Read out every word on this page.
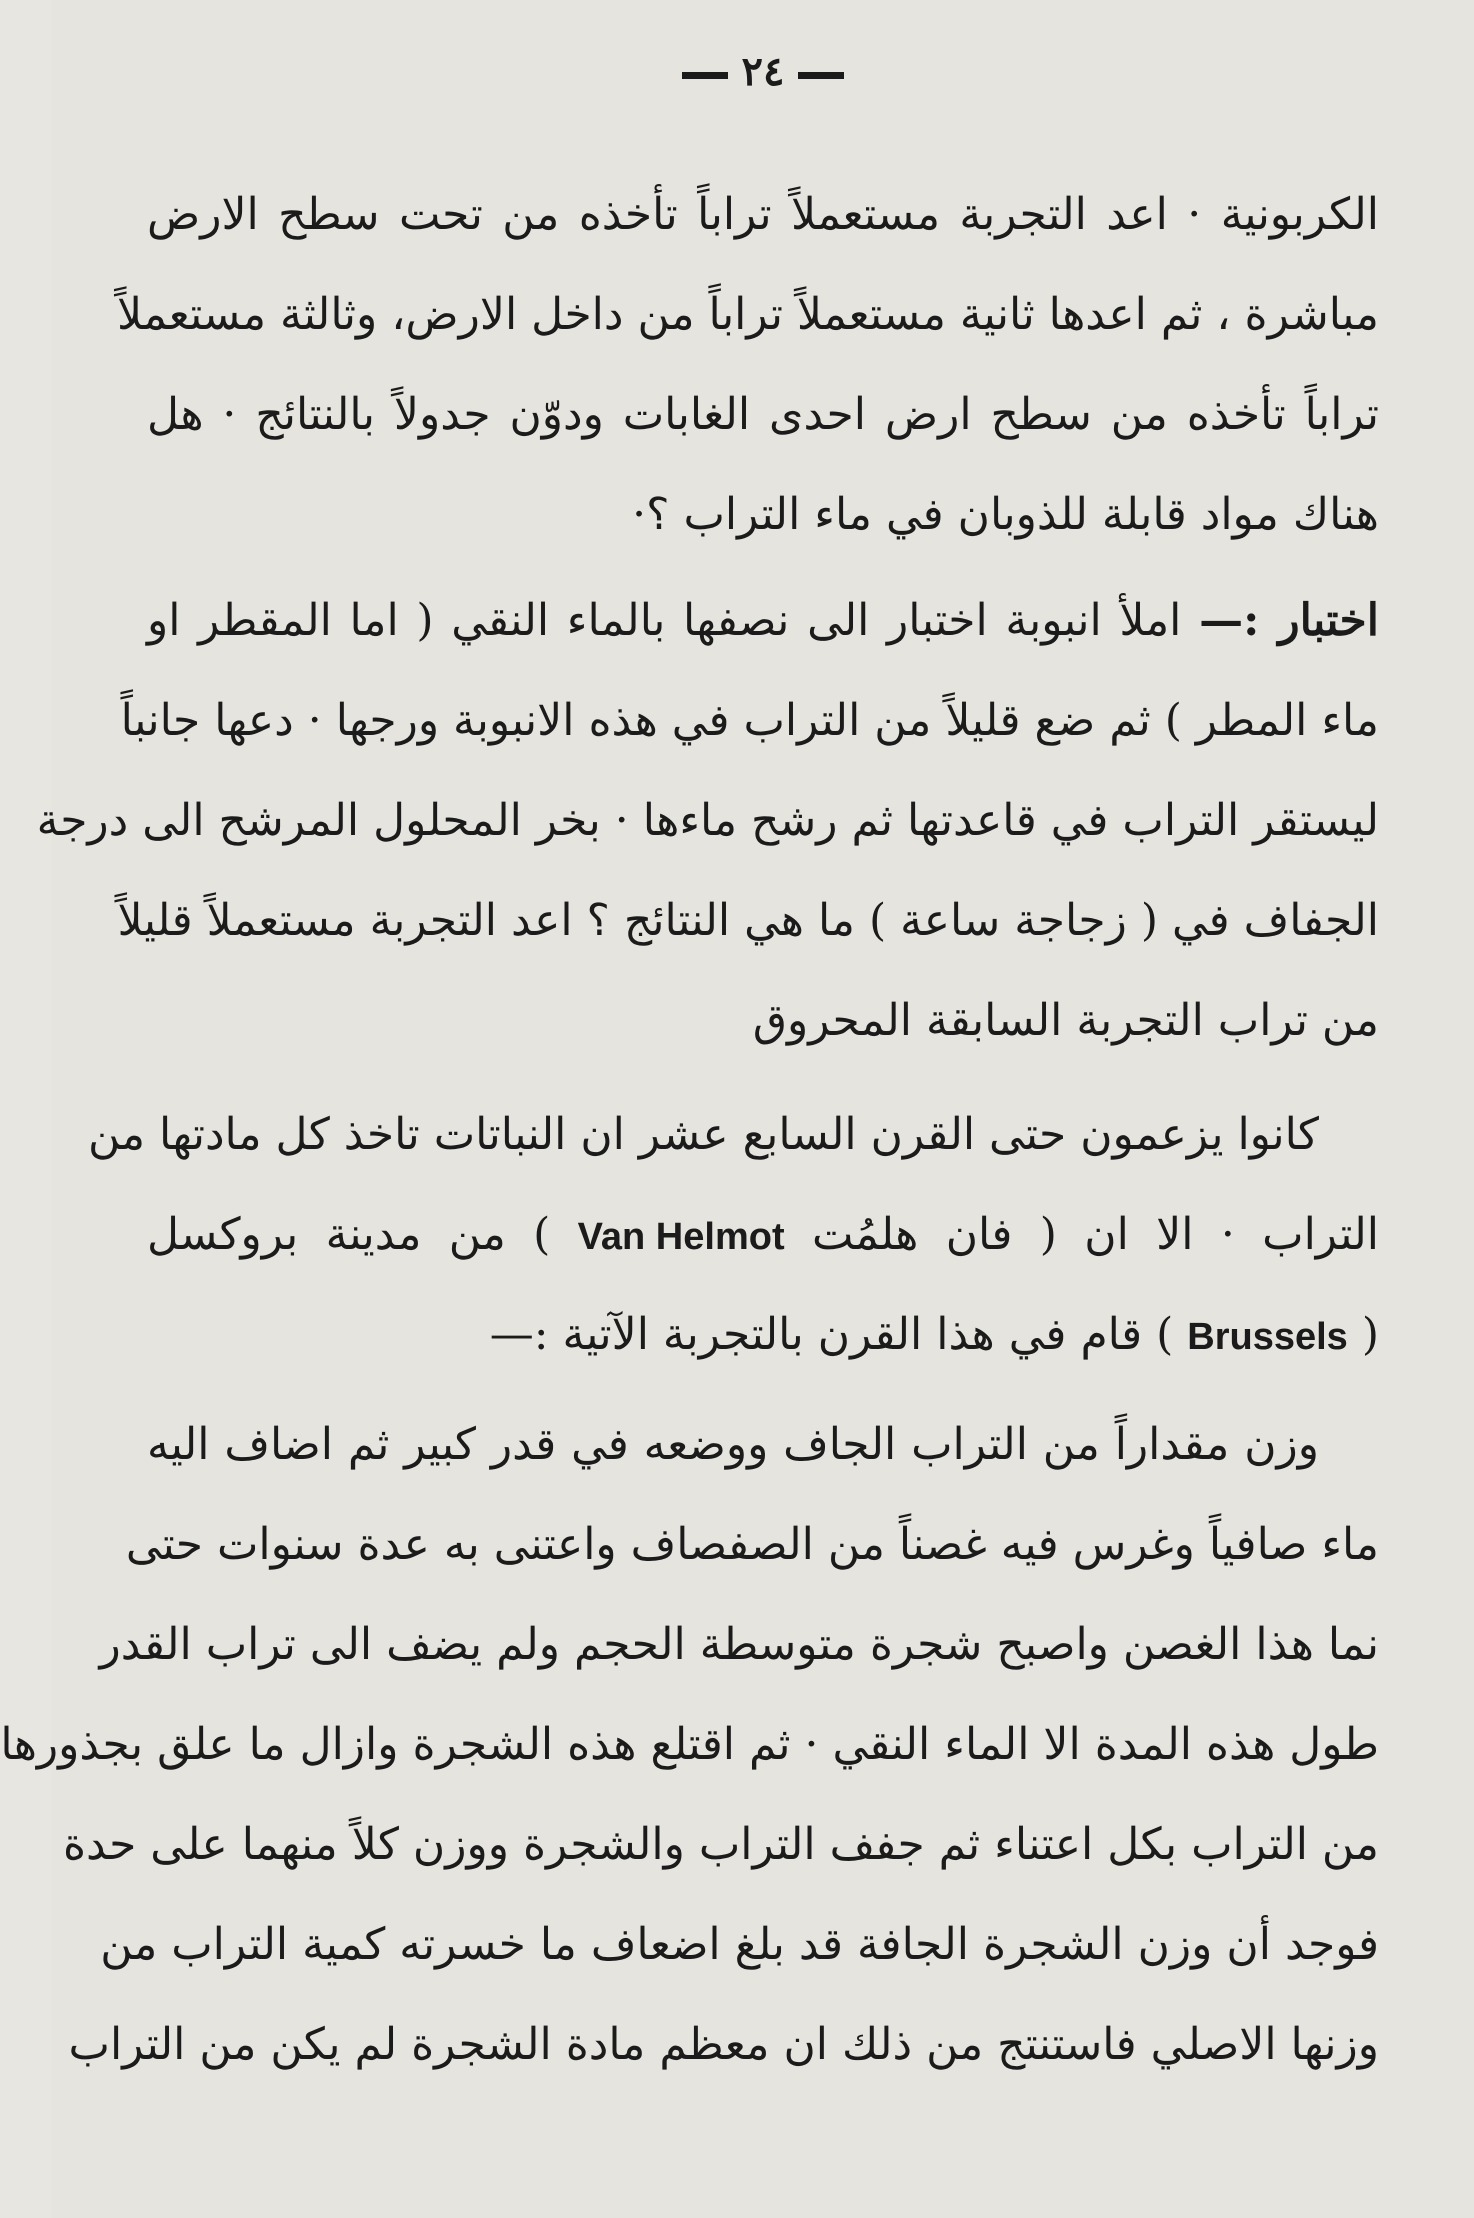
٢٤
الكربونية · اعد التجربة مستعملاً تراباً تأخذه من تحت سطح الارض
مباشرة ، ثم اعدها ثانية مستعملاً تراباً من داخل الارض، وثالثة مستعملاً
تراباً تأخذه من سطح ارض احدى الغابات ودوّن جدولاً بالنتائج · هل
هناك مواد قابلة للذوبان في ماء التراب ؟·
اختبار :— املأ انبوبة اختبار الى نصفها بالماء النقي ( اما المقطر او
ماء المطر ) ثم ضع قليلاً من التراب في هذه الانبوبة ورجها · دعها جانباً
ليستقر التراب في قاعدتها ثم رشح ماءها · بخر المحلول المرشح الى درجة
الجفاف في ( زجاجة ساعة ) ما هي النتائج ؟ اعد التجربة مستعملاً قليلاً
من تراب التجربة السابقة المحروق
كانوا يزعمون حتى القرن السابع عشر ان النباتات تاخذ كل مادتها من
التراب · الا ان ( فان هلمُت Van Helmot ) من مدينة بروكسل
( Brussels ) قام في هذا القرن بالتجربة الآتية :—
وزن مقداراً من التراب الجاف ووضعه في قدر كبير ثم اضاف اليه
ماء صافياً وغرس فيه غصناً من الصفصاف واعتنى به عدة سنوات حتى
نما هذا الغصن واصبح شجرة متوسطة الحجم ولم يضف الى تراب القدر
طول هذه المدة الا الماء النقي · ثم اقتلع هذه الشجرة وازال ما علق بجذورها
من التراب بكل اعتناء ثم جفف التراب والشجرة ووزن كلاً منهما على حدة
فوجد أن وزن الشجرة الجافة قد بلغ اضعاف ما خسرته كمية التراب من
وزنها الاصلي فاستنتج من ذلك ان معظم مادة الشجرة لم يكن من التراب
